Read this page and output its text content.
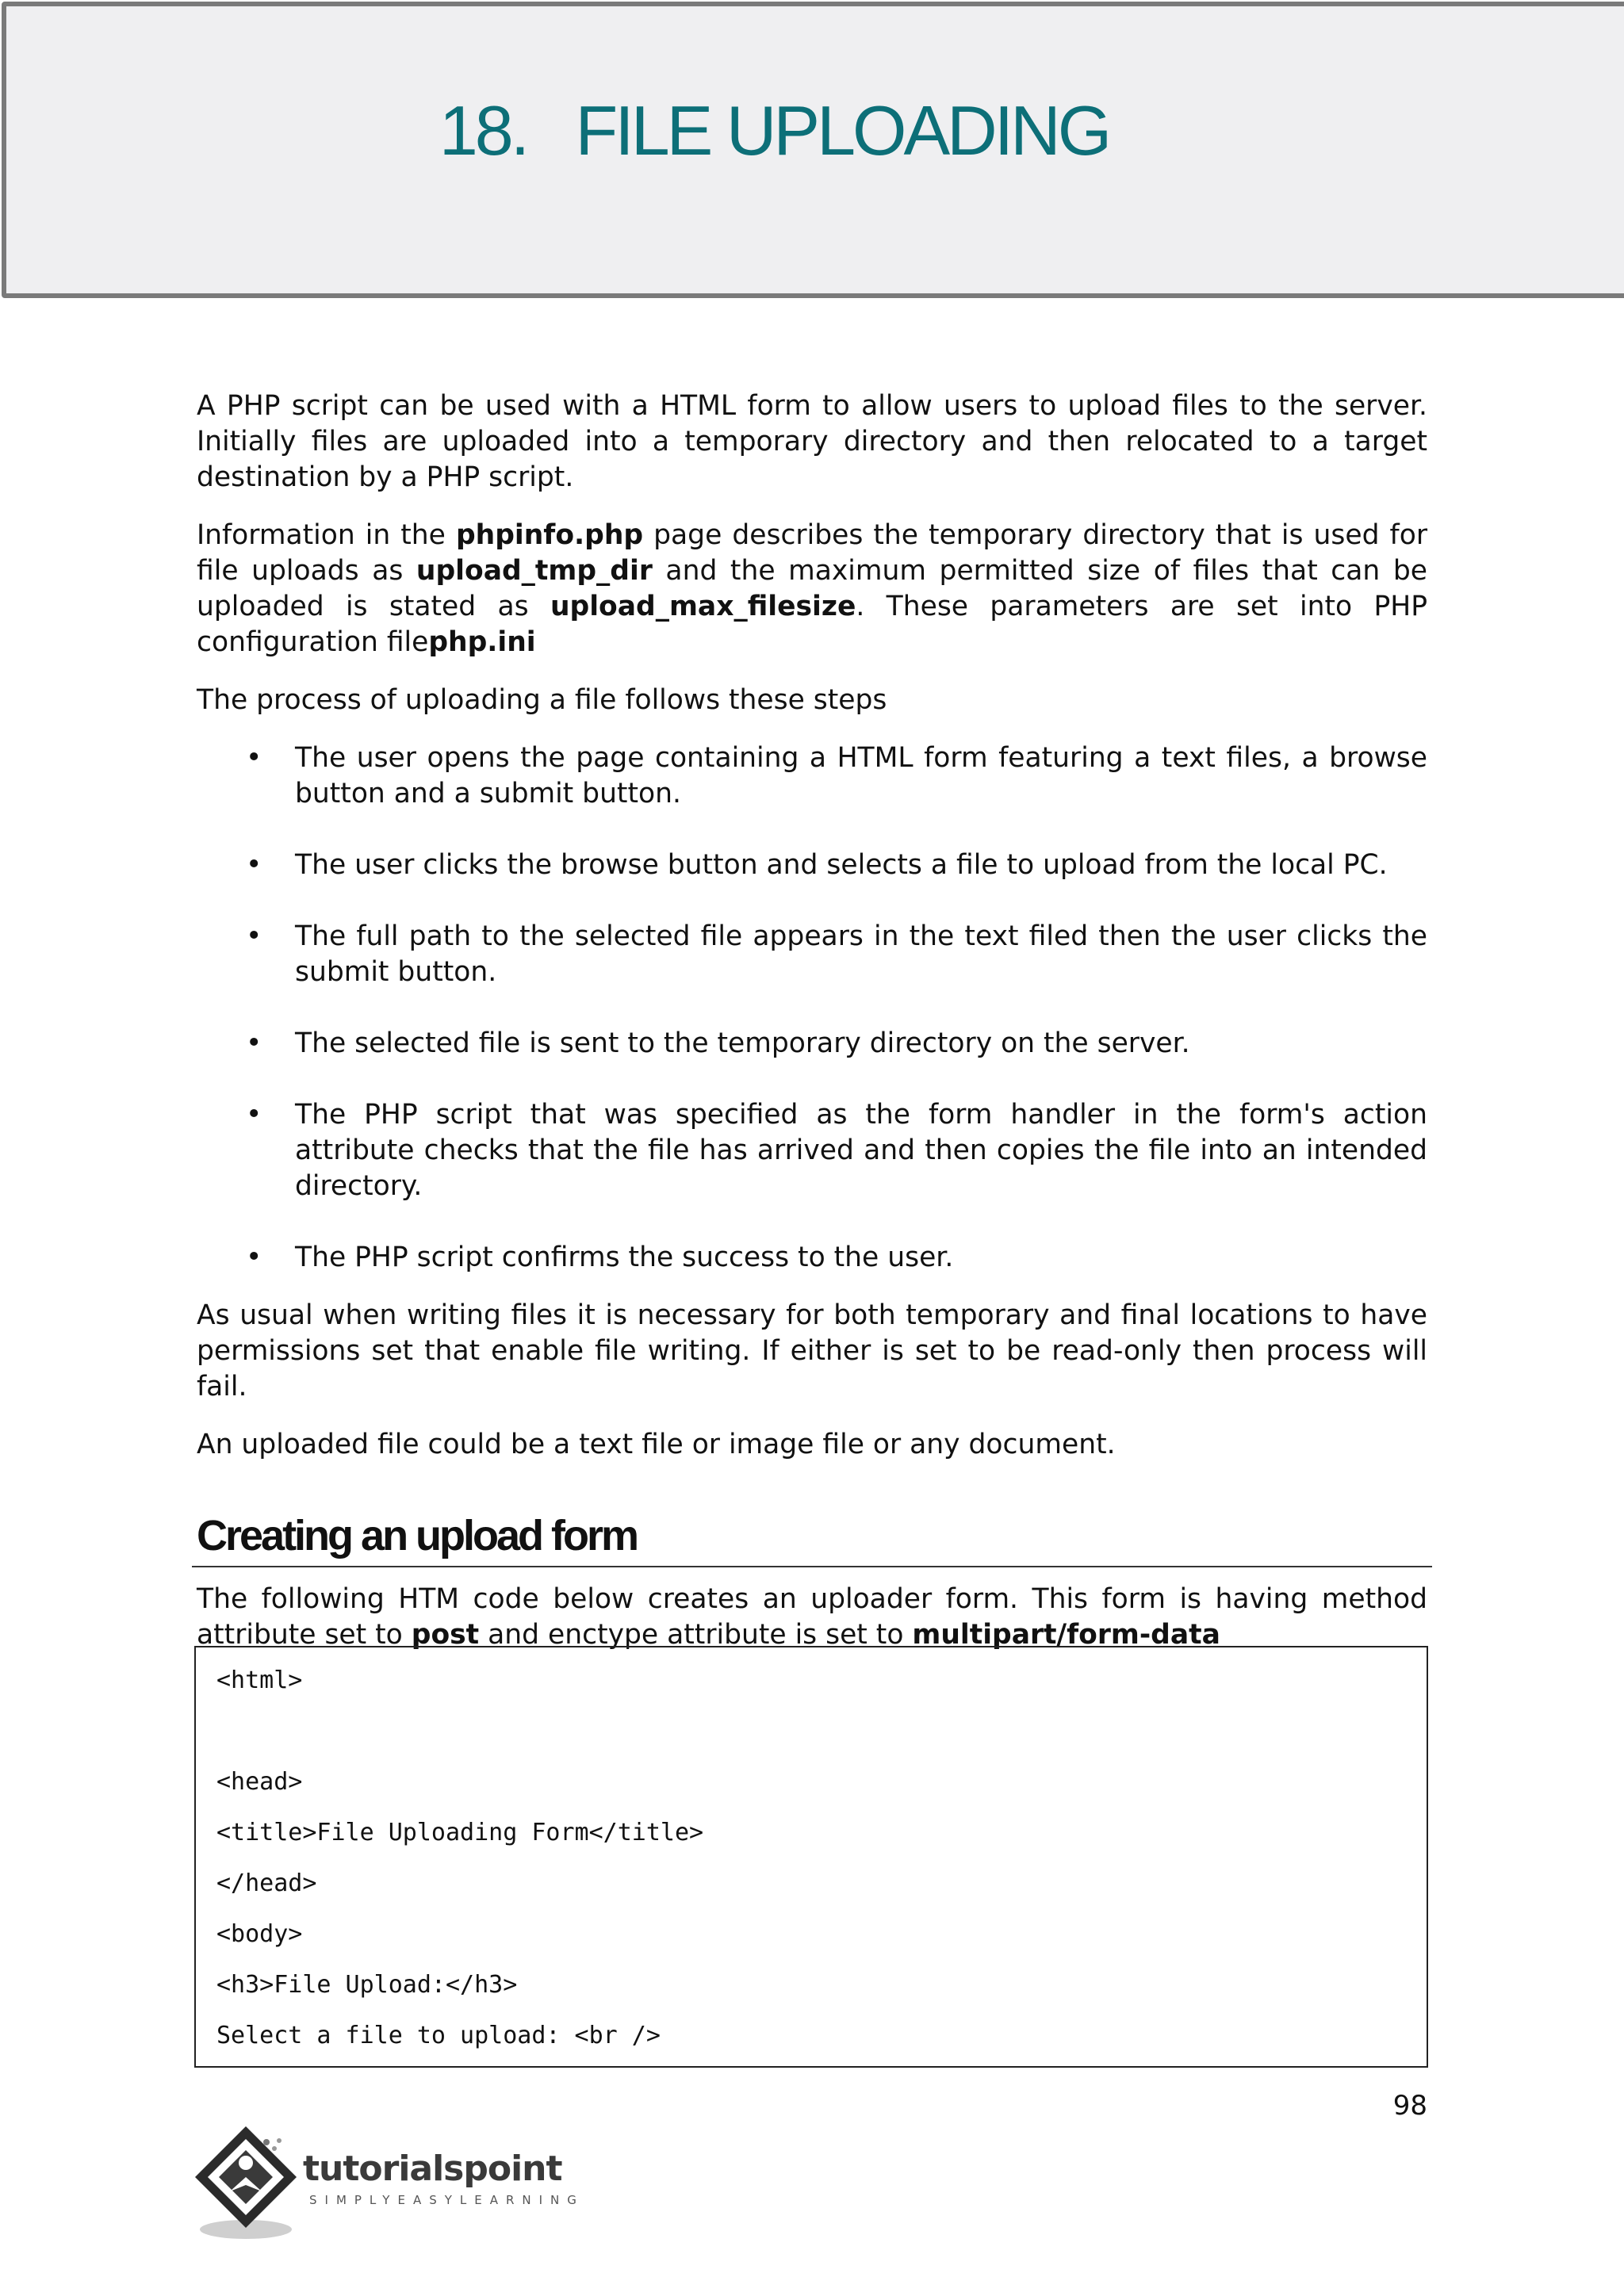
18. FILE UPLOADING

A PHP script can be used with a HTML form to allow users to upload files to the server. Initially files are uploaded into a temporary directory and then relocated to a target destination by a PHP script.

Information in the phpinfo.php page describes the temporary directory that is used for file uploads as upload_tmp_dir and the maximum permitted size of files that can be uploaded is stated as upload_max_filesize. These parameters are set into PHP configuration filephp.ini

The process of uploading a file follows these steps

• The user opens the page containing a HTML form featuring a text files, a browse button and a submit button.
• The user clicks the browse button and selects a file to upload from the local PC.
• The full path to the selected file appears in the text filed then the user clicks the submit button.
• The selected file is sent to the temporary directory on the server.
• The PHP script that was specified as the form handler in the form's action attribute checks that the file has arrived and then copies the file into an intended directory.
• The PHP script confirms the success to the user.

As usual when writing files it is necessary for both temporary and final locations to have permissions set that enable file writing. If either is set to be read-only then process will fail.

An uploaded file could be a text file or image file or any document.

Creating an upload form

The following HTM code below creates an uploader form. This form is having method attribute set to post and enctype attribute is set to multipart/form-data

<html>
<head>
<title>File Uploading Form</title>
</head>
<body>
<h3>File Upload:</h3>
Select a file to upload: <br />
98
tutorialspoint
SIMPLYEASYLEARNING
